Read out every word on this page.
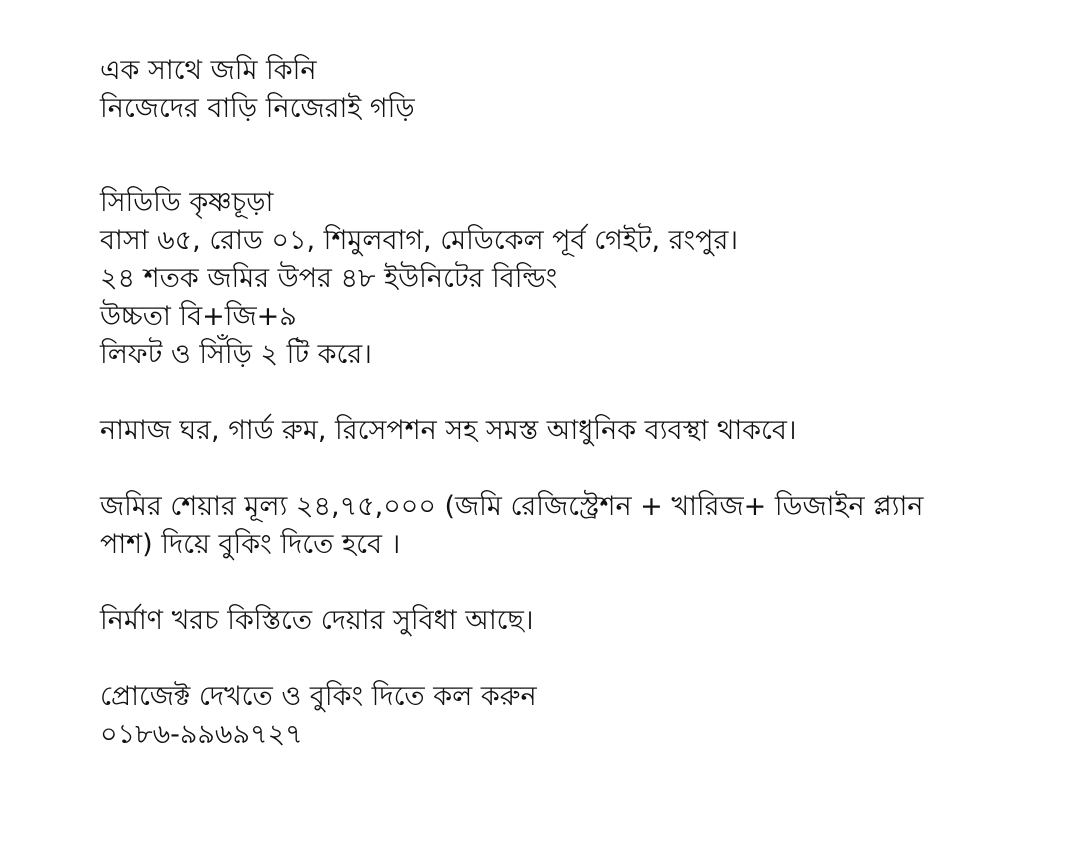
এক সাথে জমি কিনি

নিজেদের বাড়ি নিজেরাই গড়ি

সিডিডি কৃষ্ণচূড়া

বাসা ৬৫, রোড ০১, শিমুলবাগ, মেডিকেল পূর্ব গেইট, রংপুর।

২৪ শতক জমির উপর ৪৮ ইউনিটের বিল্ডিং

উচ্চতা বি+জি+৯

লিফট ও সিঁড়ি ২ টি করে।

নামাজ ঘর, গার্ড রুম, রিসেপশন সহ সমস্ত আধুনিক ব্যবস্থা থাকবে।

জমির শেয়ার মূল্য ২৪,৭৫,০০০ (জমি রেজিস্ট্রেশন + খারিজ+ ডিজাইন প্ল্যান

পাশ) দিয়ে বুকিং দিতে হবে ।

নির্মাণ খরচ কিস্তিতে দেয়ার সুবিধা আছে।

প্রোজেক্ট দেখতে ও বুকিং দিতে কল করুন

০১৮৬-৯৯৬৯৭২৭
